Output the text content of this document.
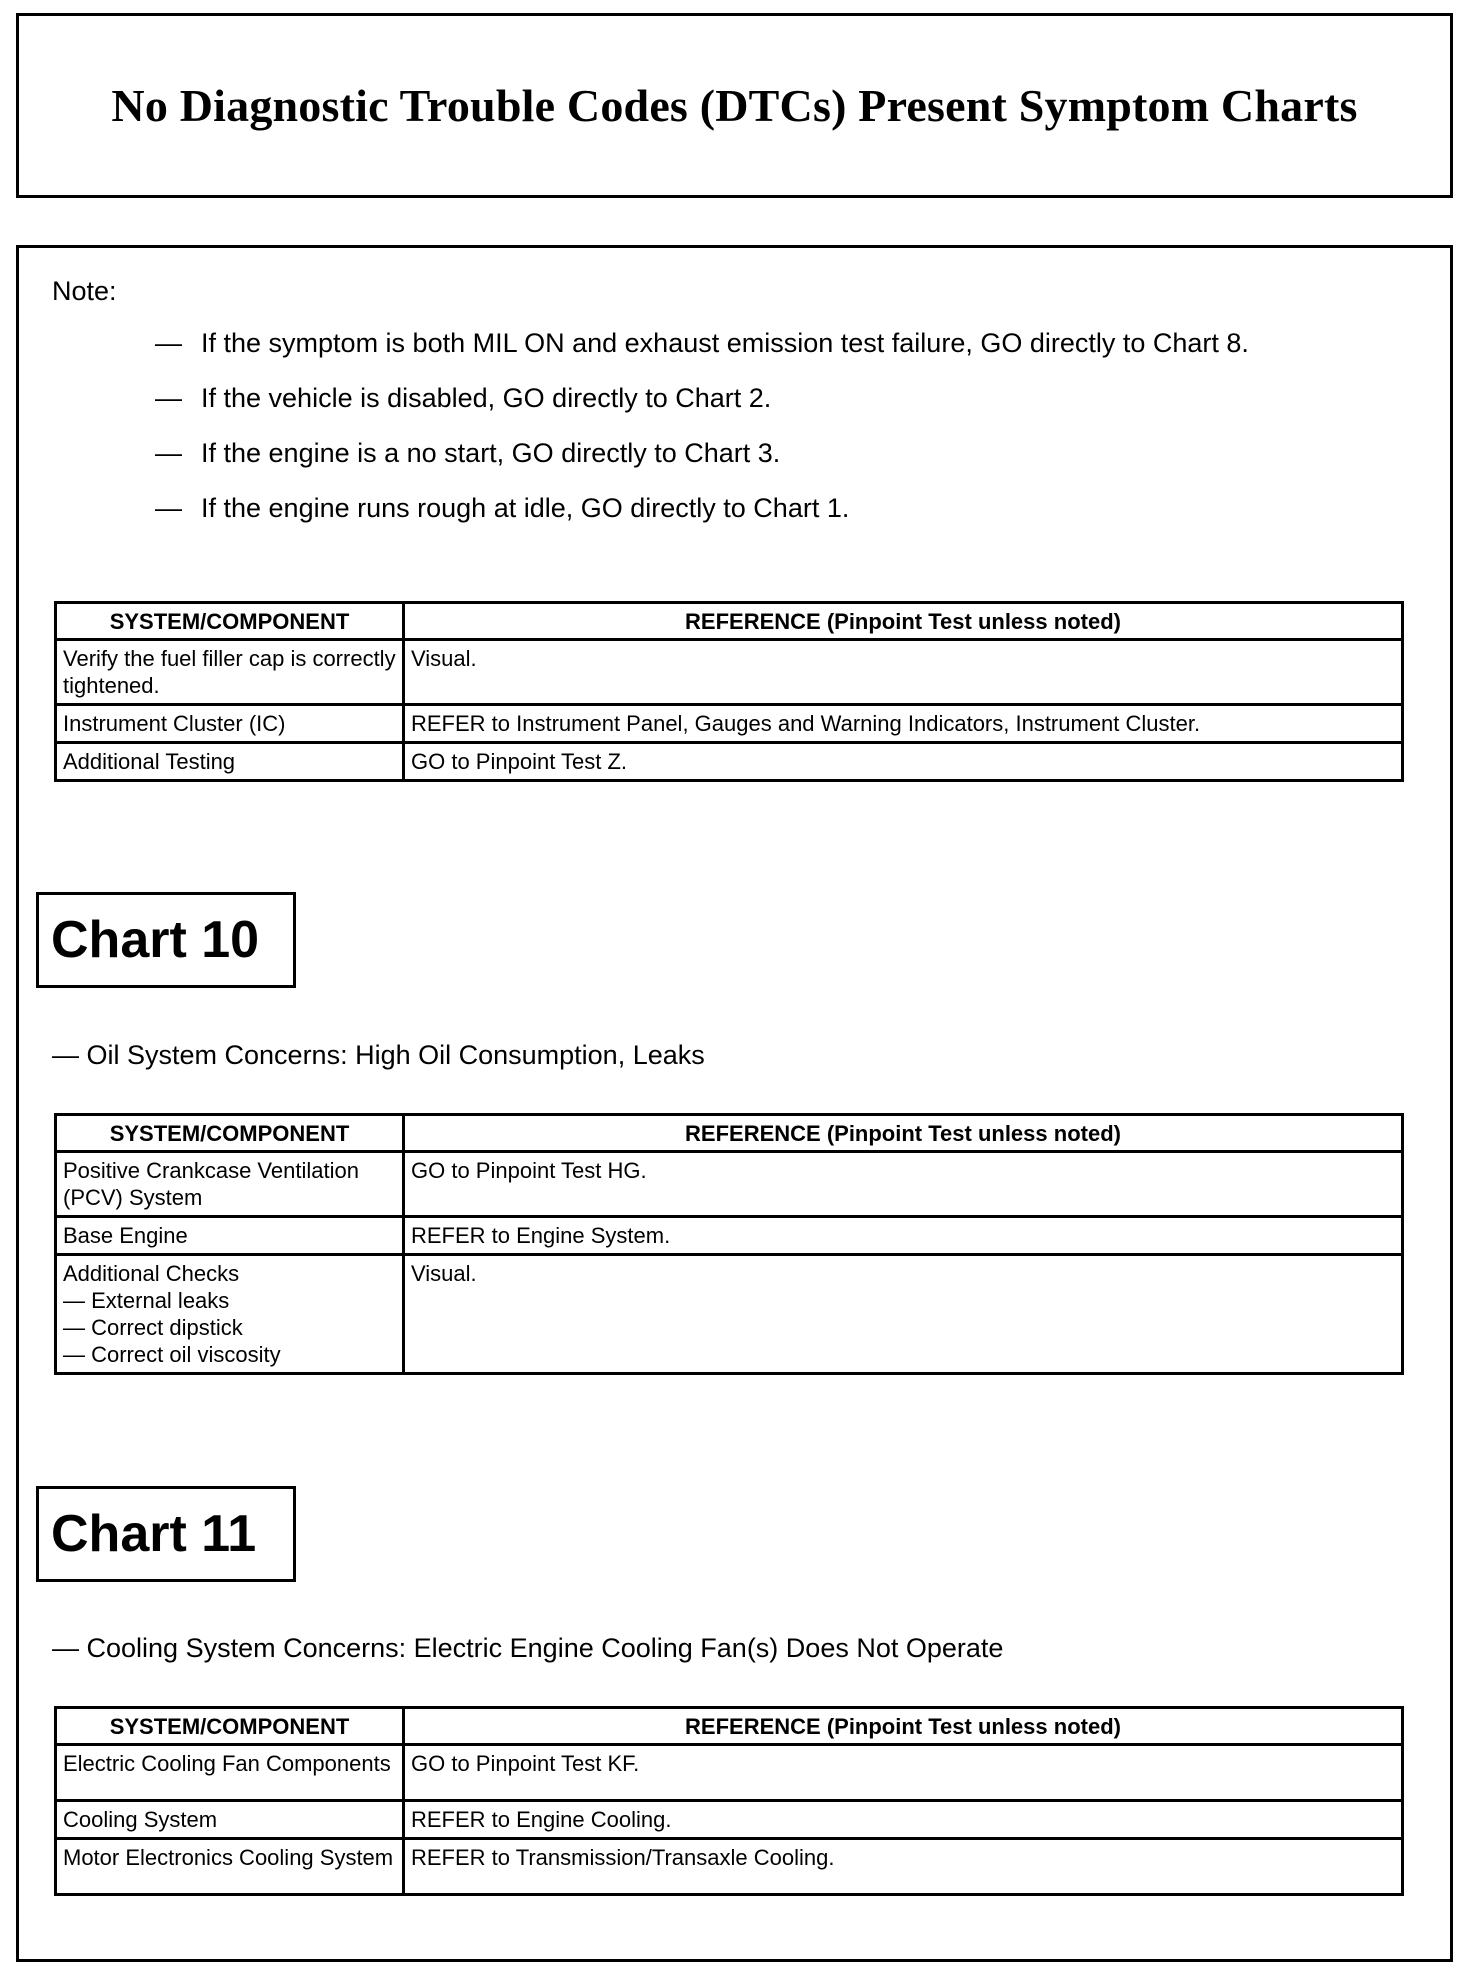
No Diagnostic Trouble Codes (DTCs) Present Symptom Charts
Note:
— If the symptom is both MIL ON and exhaust emission test failure, GO directly to Chart 8.
— If the vehicle is disabled, GO directly to Chart 2.
— If the engine is a no start, GO directly to Chart 3.
— If the engine runs rough at idle, GO directly to Chart 1.
SYSTEM/COMPONENT	REFERENCE (Pinpoint Test unless noted)
Verify the fuel filler cap is correctly tightened.	Visual.
Instrument Cluster (IC)	REFER to Instrument Panel, Gauges and Warning Indicators, Instrument Cluster.
Additional Testing	GO to Pinpoint Test Z.
Chart 10
— Oil System Concerns: High Oil Consumption, Leaks
SYSTEM/COMPONENT	REFERENCE (Pinpoint Test unless noted)
Positive Crankcase Ventilation (PCV) System	GO to Pinpoint Test HG.
Base Engine	REFER to Engine System.

Additional Checks
— External leaks
— Correct dipstick
— Correct oil viscosity	Visual.
Chart 11
— Cooling System Concerns: Electric Engine Cooling Fan(s) Does Not Operate
SYSTEM/COMPONENT	REFERENCE (Pinpoint Test unless noted)
Electric Cooling Fan Components	GO to Pinpoint Test KF.
Cooling System	REFER to Engine Cooling.
Motor Electronics Cooling System	REFER to Transmission/Transaxle Cooling.
